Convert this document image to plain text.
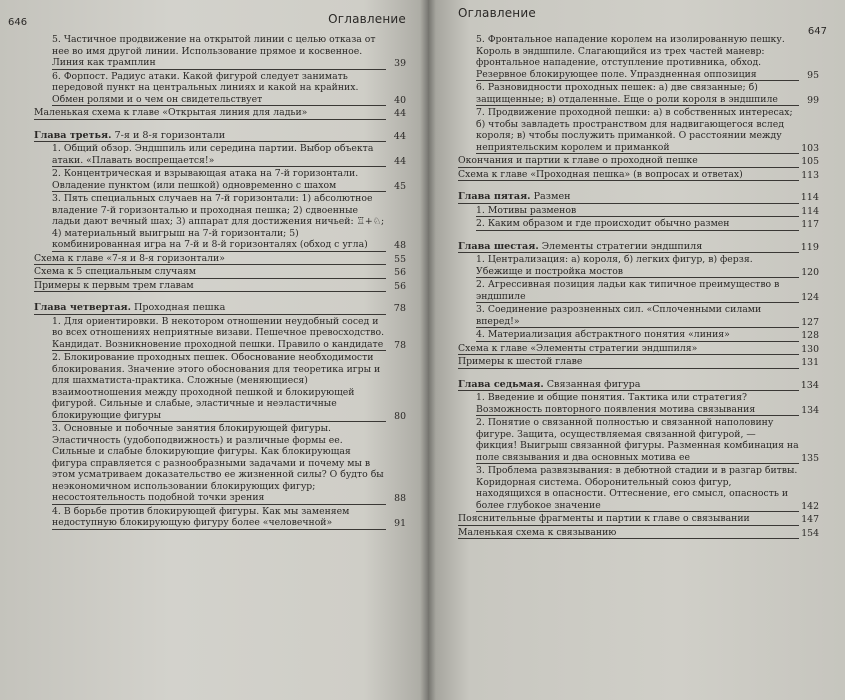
646	Оглавление
5. Частичное продвижение на открытой линии с целью отказа от нее во имя другой линии. Использование прямое и косвенное. Линия как трамплин	39
6. Форпост. Радиус атаки. Какой фигурой следует занимать передовой пункт на центральных линиях и какой на крайних. Обмен ролями и о чем он свидетельствует	40
Маленькая схема к главе «Открытая линия для ладьи»	44
Глава третья. 7-я и 8-я горизонтали	44
1. Общий обзор. Эндшпиль или середина партии. Выбор объекта атаки. «Плавать воспрещается!»	44
2. Концентрическая и взрывающая атака на 7-й горизонтали. Овладение пунктом (или пешкой) одновременно с шахом	45
3. Пять специальных случаев на 7-й горизонтали: 1) абсолютное владение 7-й горизонталью и проходная пешка; 2) сдвоенные ладьи дают вечный шах; 3) аппарат для достижения ничьей: ♖+♘; 4) материальный выигрыш на 7-й горизонтали; 5) комбинированная игра на 7-й и 8-й горизонталях (обход с угла)	48
Схема к главе «7-я и 8-я горизонтали»	55
Схема к 5 специальным случаям	56
Примеры к первым трем главам	56
Глава четвертая. Проходная пешка	78
1. Для ориентировки. В некотором отношении неудобный сосед и во всех отношениях неприятные визави. Пешечное превосходство. Кандидат. Возникновение проходной пешки. Правило о кандидате	78
2. Блокирование проходных пешек. Обоснование необходимости блокирования. Значение этого обоснования для теоретика игры и для шахматиста-практика. Сложные (меняющиеся) взаимоотношения между проходной пешкой и блокирующей фигурой. Сильные и слабые, эластичные и неэластичные блокирующие фигуры	80
3. Основные и побочные занятия блокирующей фигуры. Эластичность (удобоподвижность) и различные формы ее. Сильные и слабые блокирующие фигуры. Как блокирующая фигура справляется с разнообразными задачами и почему мы в этом усматриваем доказательство ее жизненной силы? О будто бы неэкономичном использовании блокирующих фигур; несостоятельность подобной точки зрения	88
4. В борьбе против блокирующей фигуры. Как мы заменяем недоступную блокирующую фигуру более «человечной»	91
Оглавление
647
5. Фронтальное нападение королем на изолированную пешку. Король в эндшпиле. Слагающийся из трех частей маневр: фронтальное нападение, отступление противника, обход. Резервное блокирующее поле. Упраздненная оппозиция	95
6. Разновидности проходных пешек: а) две связанные; б) защищенные; в) отдаленные. Еще о роли короля в эндшпиле	99
7. Продвижение проходной пешки: а) в собственных интересах; б) чтобы завладеть пространством для надвигающегося вслед короля; в) чтобы послужить приманкой. О расстоянии между неприятельским королем и приманкой	103
Окончания и партии к главе о проходной пешке	105
Схема к главе «Проходная пешка» (в вопросах и ответах)	113
Глава пятая. Размен	114
1. Мотивы разменов	114
2. Каким образом и где происходит обычно размен	117
Глава шестая. Элементы стратегии эндшпиля	119
1. Централизация: а) короля, б) легких фигур, в) ферзя. Убежище и постройка мостов	120
2. Агрессивная позиция ладьи как типичное преимущество в эндшпиле	124
3. Соединение разрозненных сил. «Сплоченными силами вперед!»	127
4. Материализация абстрактного понятия «линия»	128
Схема к главе «Элементы стратегии эндшпиля»	130
Примеры к шестой главе	131
Глава седьмая. Связанная фигура	134
1. Введение и общие понятия. Тактика или стратегия? Возможность повторного появления мотива связывания	134
2. Понятие о связанной полностью и связанной наполовину фигуре. Защита, осуществляемая связанной фигурой, — фикция! Выигрыш связанной фигуры. Разменная комбинация на поле связывания и два основных мотива ее	135
3. Проблема развязывания: в дебютной стадии и в разгар битвы. Коридорная система. Оборонительный союз фигур, находящихся в опасности. Оттеснение, его смысл, опасность и более глубокое значение	142
Пояснительные фрагменты и партии к главе о связывании	147
Маленькая схема к связыванию	154
